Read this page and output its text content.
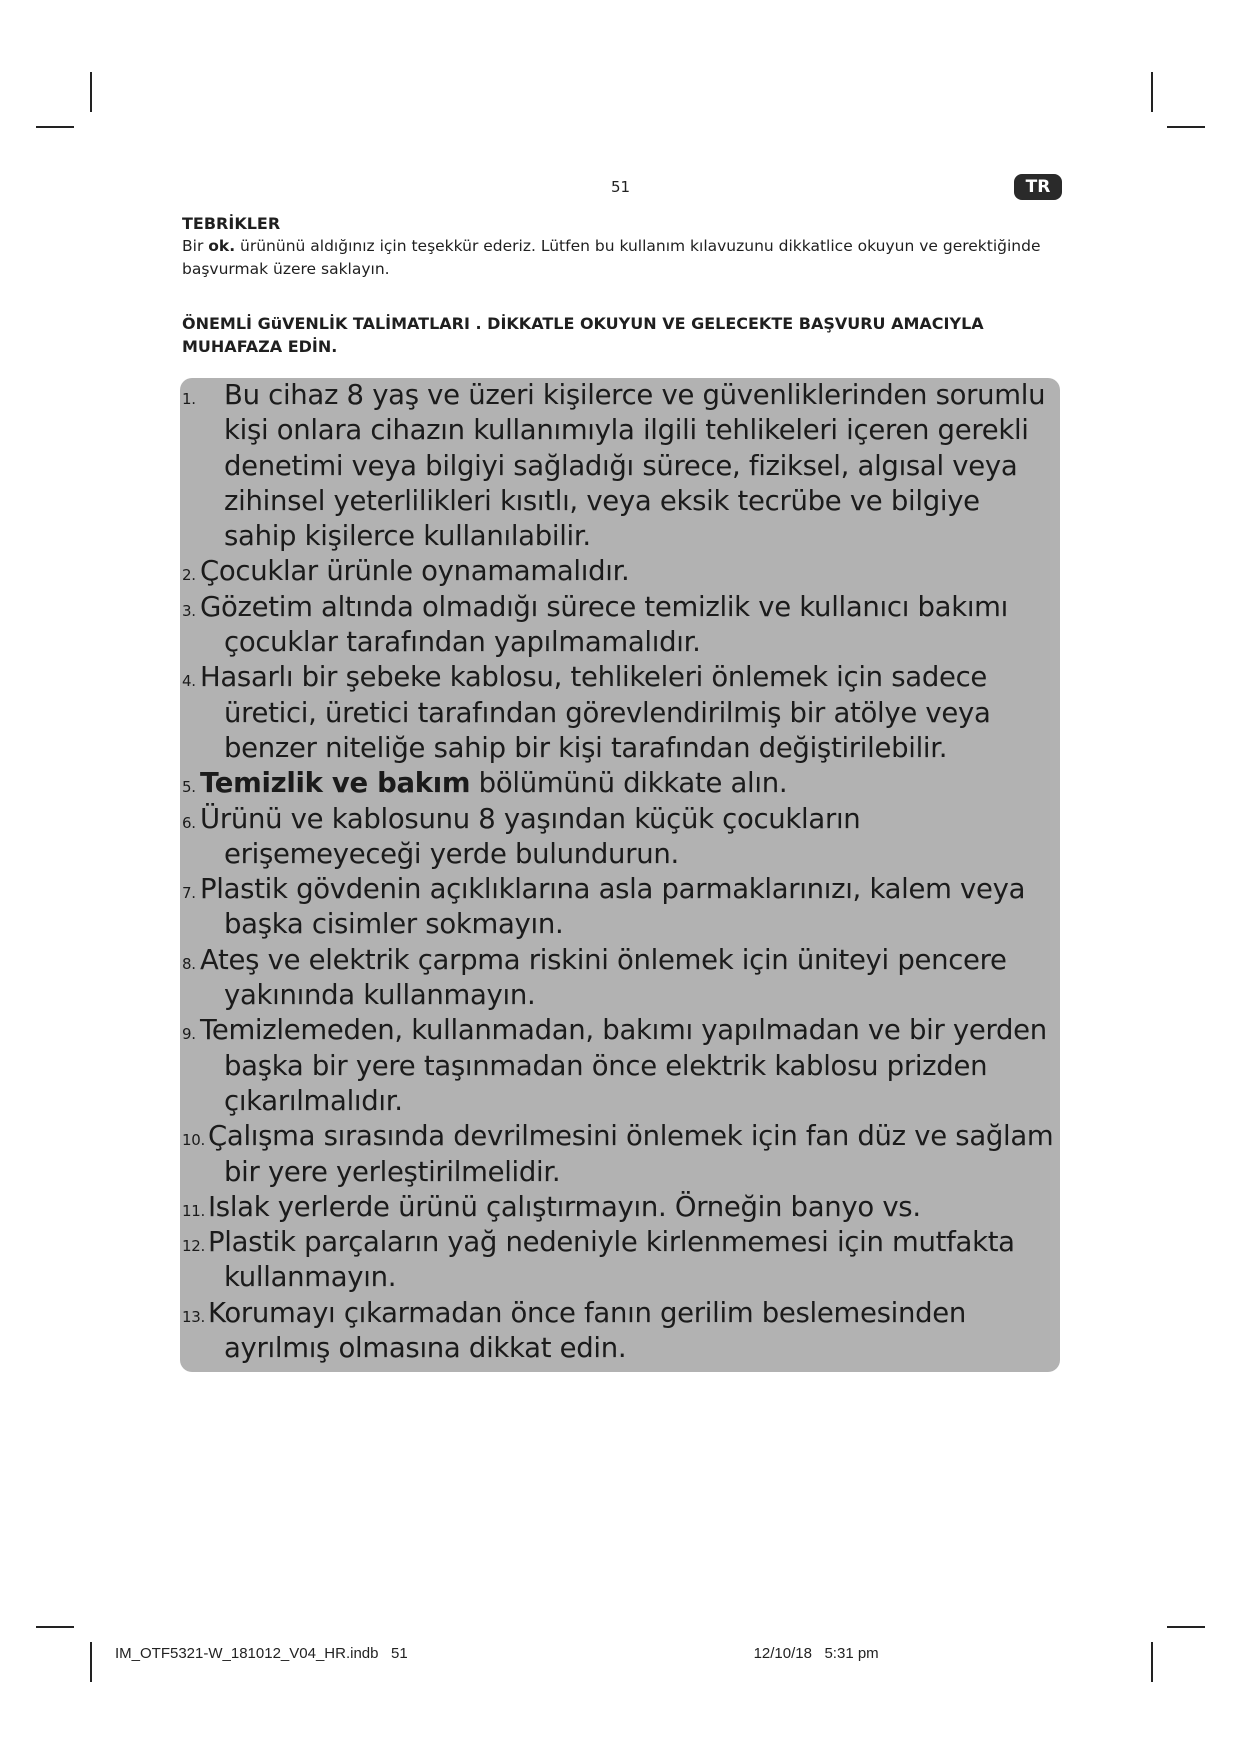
51	TR
TEBRİKLER

Bir ok. ürününü aldığınız için teşekkür ederiz. Lütfen bu kullanım kılavuzunu dikkatlice okuyun ve gerektiğinde başvurmak üzere saklayın.

ÖNEMLİ GüVENLİK TALİMATLARI . DİKKATLE OKUYUN VE GELECEKTE BAŞVURU AMACIYLA MUHAFAZA EDİN.
1. Bu cihaz 8 yaş ve üzeri kişilerce ve güvenliklerinden sorumlu kişi onlara cihazın kullanımıyla ilgili tehlikeleri içeren gerekli denetimi veya bilgiyi sağladığı sürece, fiziksel, algısal veya zihinsel yeterlilikleri kısıtlı, veya eksik tecrübe ve bilgiye sahip kişilerce kullanılabilir.
2. Çocuklar ürünle oynamamalıdır.
3. Gözetim altında olmadığı sürece temizlik ve kullanıcı bakımı çocuklar tarafından yapılmamalıdır.
4. Hasarlı bir şebeke kablosu, tehlikeleri önlemek için sadece üretici, üretici tarafından görevlendirilmiş bir atölye veya benzer niteliğe sahip bir kişi tarafından değiştirilebilir.
5. Temizlik ve bakım bölümünü dikkate alın.
6. Ürünü ve kablosunu 8 yaşından küçük çocukların erişemeyeceği yerde bulundurun.
7. Plastik gövdenin açıklıklarına asla parmaklarınızı, kalem veya başka cisimler sokmayın.
8. Ateş ve elektrik çarpma riskini önlemek için üniteyi pencere yakınında kullanmayın.
9. Temizlemeden, kullanmadan, bakımı yapılmadan ve bir yerden başka bir yere taşınmadan önce elektrik kablosu prizden çıkarılmalıdır.
10. Çalışma sırasında devrilmesini önlemek için fan düz ve sağlam bir yere yerleştirilmelidir.
11. Islak yerlerde ürünü çalıştırmayın. Örneğin banyo vs.
12. Plastik parçaların yağ nedeniyle kirlenmemesi için mutfakta kullanmayın.
13. Korumayı çıkarmadan önce fanın gerilim beslemesinden ayrılmış olmasına dikkat edin.
IM_OTF5321-W_181012_V04_HR.indb   51                                                                                   12/10/18   5:31 pm
